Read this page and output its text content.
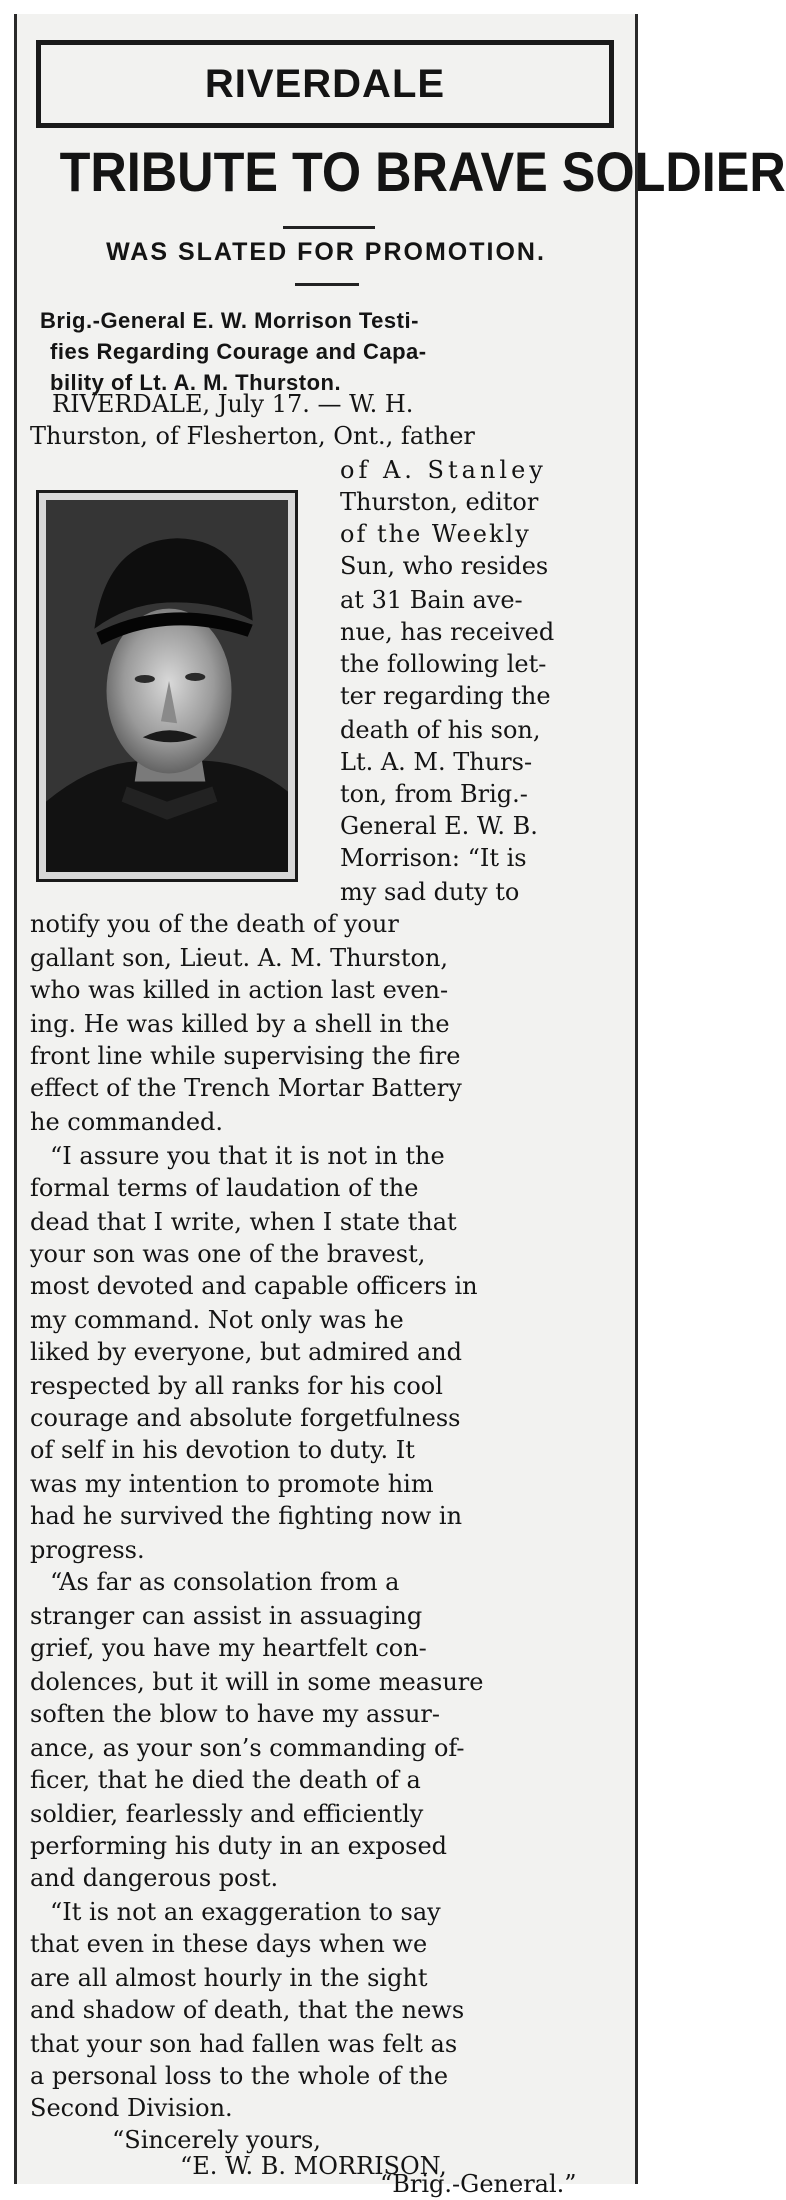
RIVERDALE
TRIBUTE TO BRAVE SOLDIER
WAS SLATED FOR PROMOTION.
Brig.-General E. W. Morrison Testi-
fies Regarding Courage and Capa-
bility of Lt. A. M. Thurston.
RIVERDALE, July 17. — W. H.
Thurston, of Flesherton, Ont., father
of A. Stanley
Thurston, editor
of the Weekly
Sun, who resides
at 31 Bain ave-
nue, has received
the following let-
ter regarding the
death of his son,
Lt. A. M. Thurs-
ton, from Brig.-
General E. W. B.
Morrison: “It is
my sad duty to
notify you of the death of your
gallant son, Lieut. A. M. Thurston,
who was killed in action last even-
ing. He was killed by a shell in the
front line while supervising the fire
effect of the Trench Mortar Battery
he commanded.
“I assure you that it is not in the
formal terms of laudation of the
dead that I write, when I state that
your son was one of the bravest,
most devoted and capable officers in
my command. Not only was he
liked by everyone, but admired and
respected by all ranks for his cool
courage and absolute forgetfulness
of self in his devotion to duty. It
was my intention to promote him
had he survived the fighting now in
progress.
“As far as consolation from a
stranger can assist in assuaging
grief, you have my heartfelt con-
dolences, but it will in some measure
soften the blow to have my assur-
ance, as your son’s commanding of-
ficer, that he died the death of a
soldier, fearlessly and efficiently
performing his duty in an exposed
and dangerous post.
“It is not an exaggeration to say
that even in these days when we
are all almost hourly in the sight
and shadow of death, that the news
that your son had fallen was felt as
a personal loss to the whole of the
Second Division.
“Sincerely yours,
“E. W. B. MORRISON,
“Brig.-General.”
